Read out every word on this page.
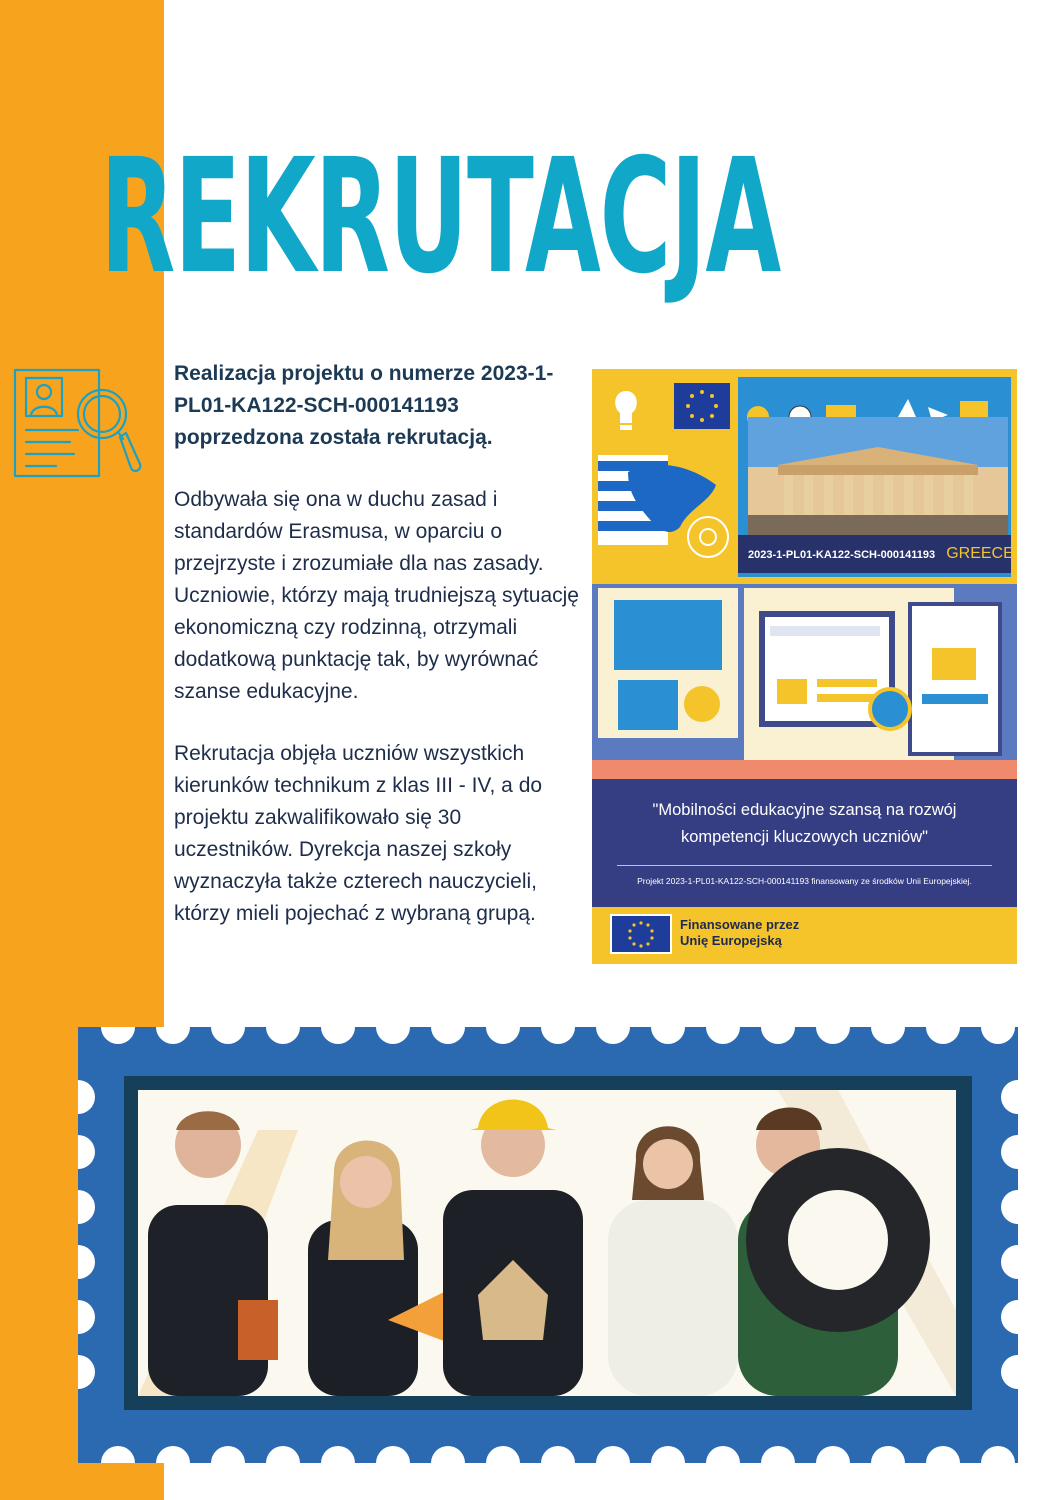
REKRUTACJA

Realizacja projektu o numerze 2023-1-PL01-KA122-SCH-000141193 poprzedzona została rekrutacją.

Odbywała się ona w duchu zasad i standardów Erasmusa, w oparciu o przejrzyste i zrozumiałe dla nas zasady. Uczniowie, którzy mają trudniejszą sytuację ekonomiczną czy rodzinną, otrzymali dodatkową punktację tak, by wyrównać szanse edukacyjne.

Rekrutacja objęła uczniów wszystkich kierunków technikum z klas III - IV, a do projektu zakwalifikowało się 30 uczestników. Dyrekcja naszej szkoły wyznaczyła także czterech nauczycieli, którzy mieli pojechać z wybraną grupą.

2023-1-PL01-KA122-SCH-000141193 GREECE
"Mobilności edukacyjne szansą na rozwój
kompetencji kluczowych uczniów"
Projekt 2023-1-PL01-KA122-SCH-000141193 finansowany ze środków Unii Europejskiej.
Finansowane przez
Unię Europejską
